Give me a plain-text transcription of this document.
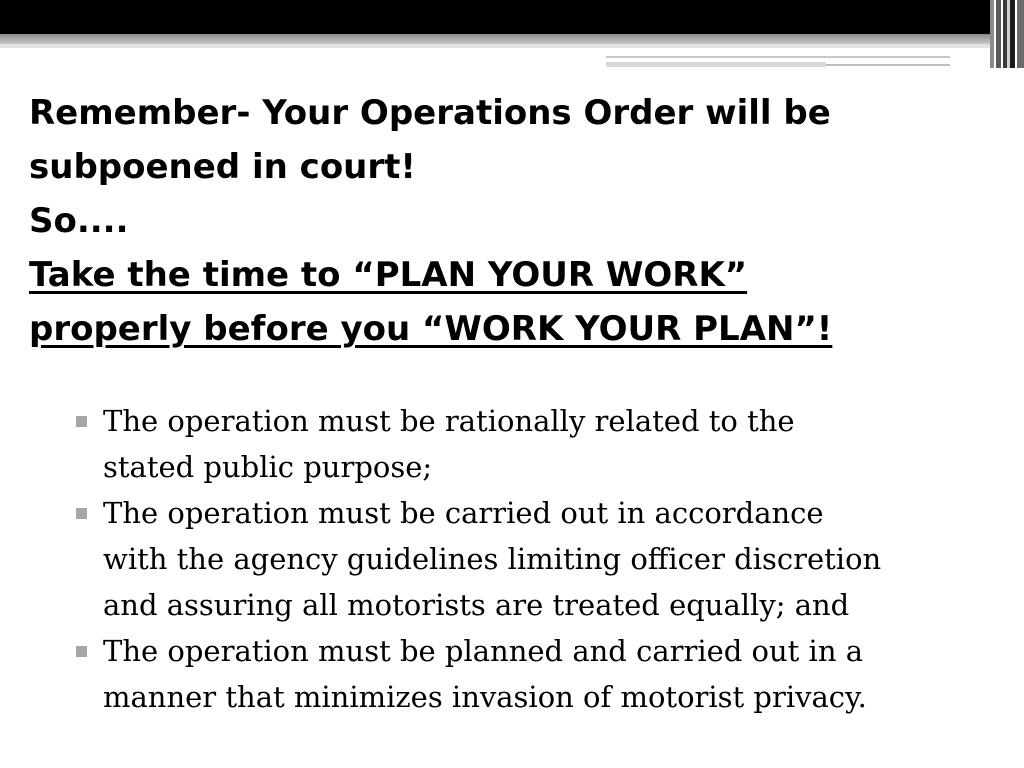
Remember- Your Operations Order will be
subpoened in court!
So....
Take the time to “PLAN YOUR WORK”
properly before you “WORK YOUR PLAN”!
The operation must be rationally related to the
stated public purpose;
The operation must be carried out in accordance
with the agency guidelines limiting officer discretion
and assuring all motorists are treated equally; and
The operation must be planned and carried out in a
manner that minimizes invasion of motorist privacy.
